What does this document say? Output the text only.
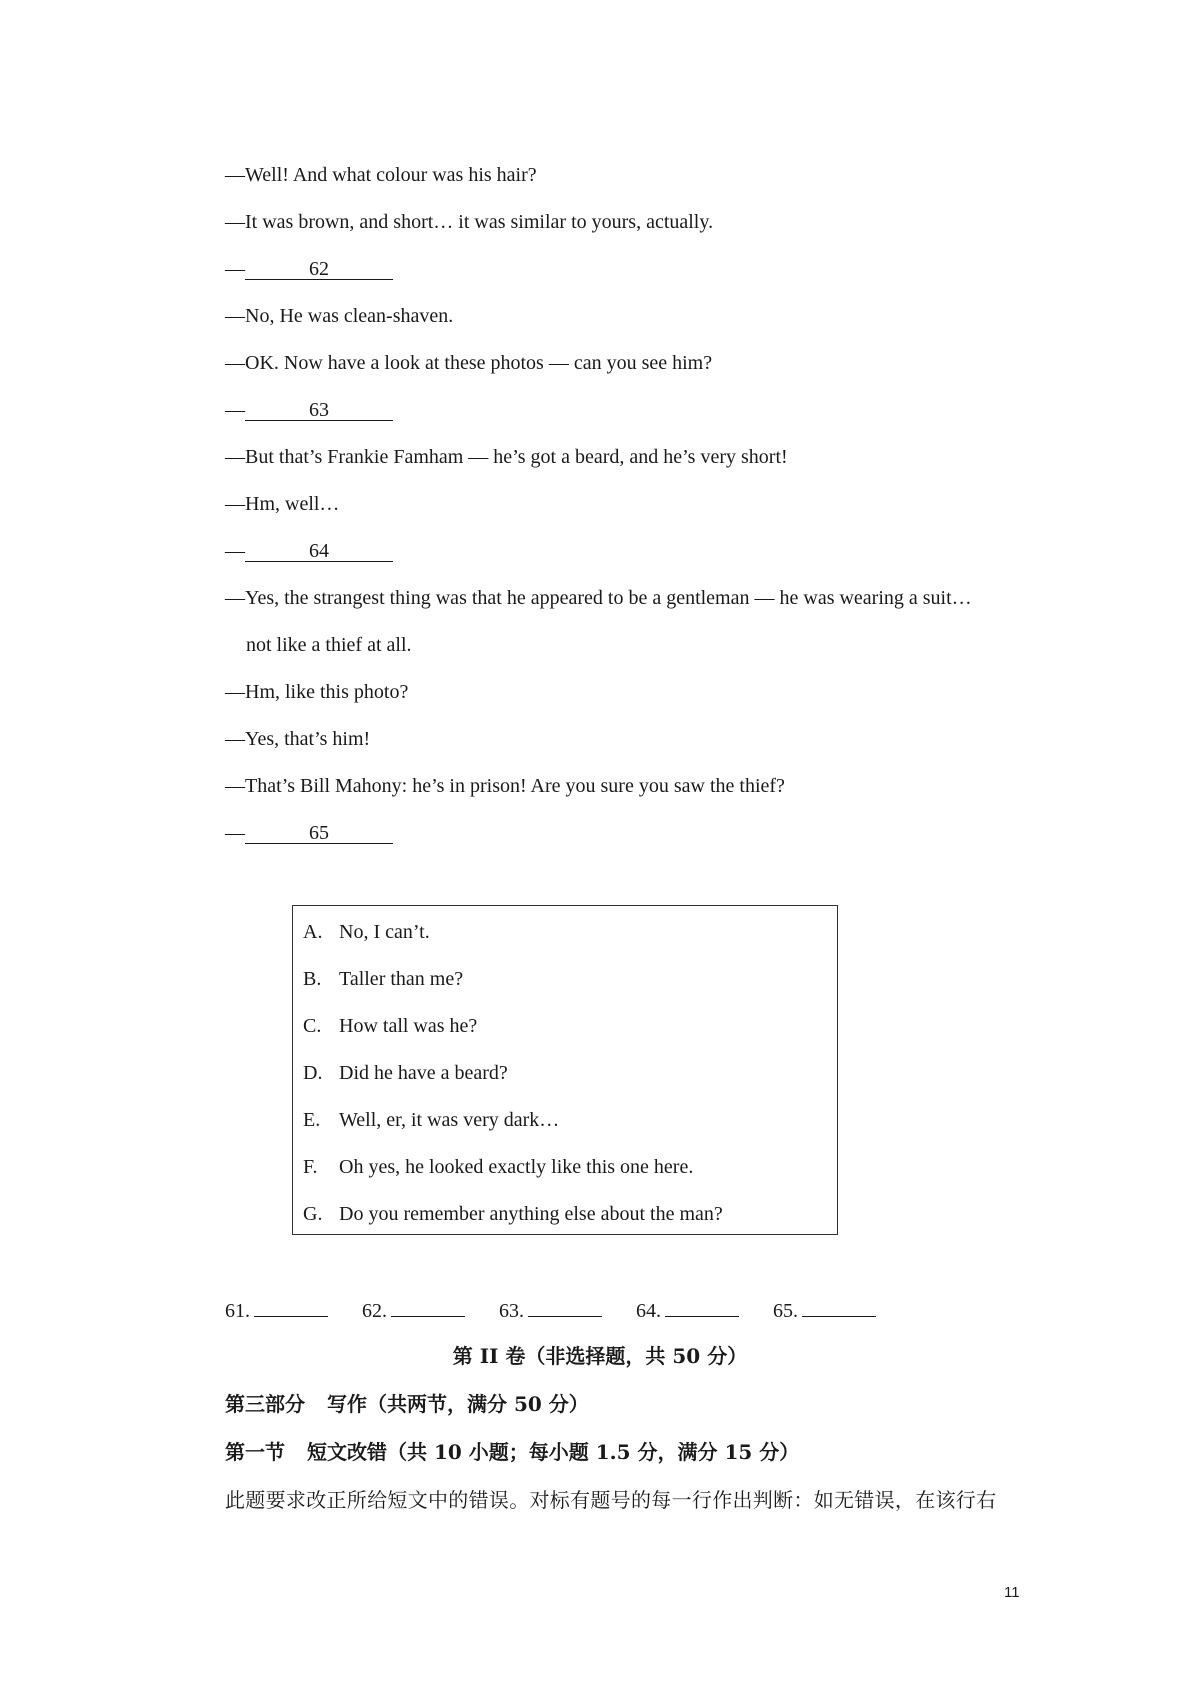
—Well! And what colour was his hair?
—It was brown, and short… it was similar to yours, actually.
—	62
—No, He was clean-shaven.
—OK. Now have a look at these photos — can you see him?
—	63
—But that’s Frankie Famham — he’s got a beard, and he’s very short!
—Hm, well…
—	64
—Yes, the strangest thing was that he appeared to be a gentleman — he was wearing a suit…
not like a thief at all.
—Hm, like this photo?
—Yes, that’s him!
—That’s Bill Mahony: he’s in prison! Are you sure you saw the thief?
—	65
A. No, I can’t.
B. Taller than me?
C. How tall was he?
D. Did he have a beard?
E. Well, er, it was very dark…
F. Oh yes, he looked exactly like this one here.
G. Do you remember anything else about the man?
61.	62.	63.	64.	65.
第 II 卷（非选择题，共 50 分）
第三部分 写作（共两节，满分 50 分）
第一节 短文改错（共 10 小题；每小题 1.5 分，满分 15 分）
此题要求改正所给短文中的错误。对标有题号的每一行作出判断：如无错误，在该行右
11
